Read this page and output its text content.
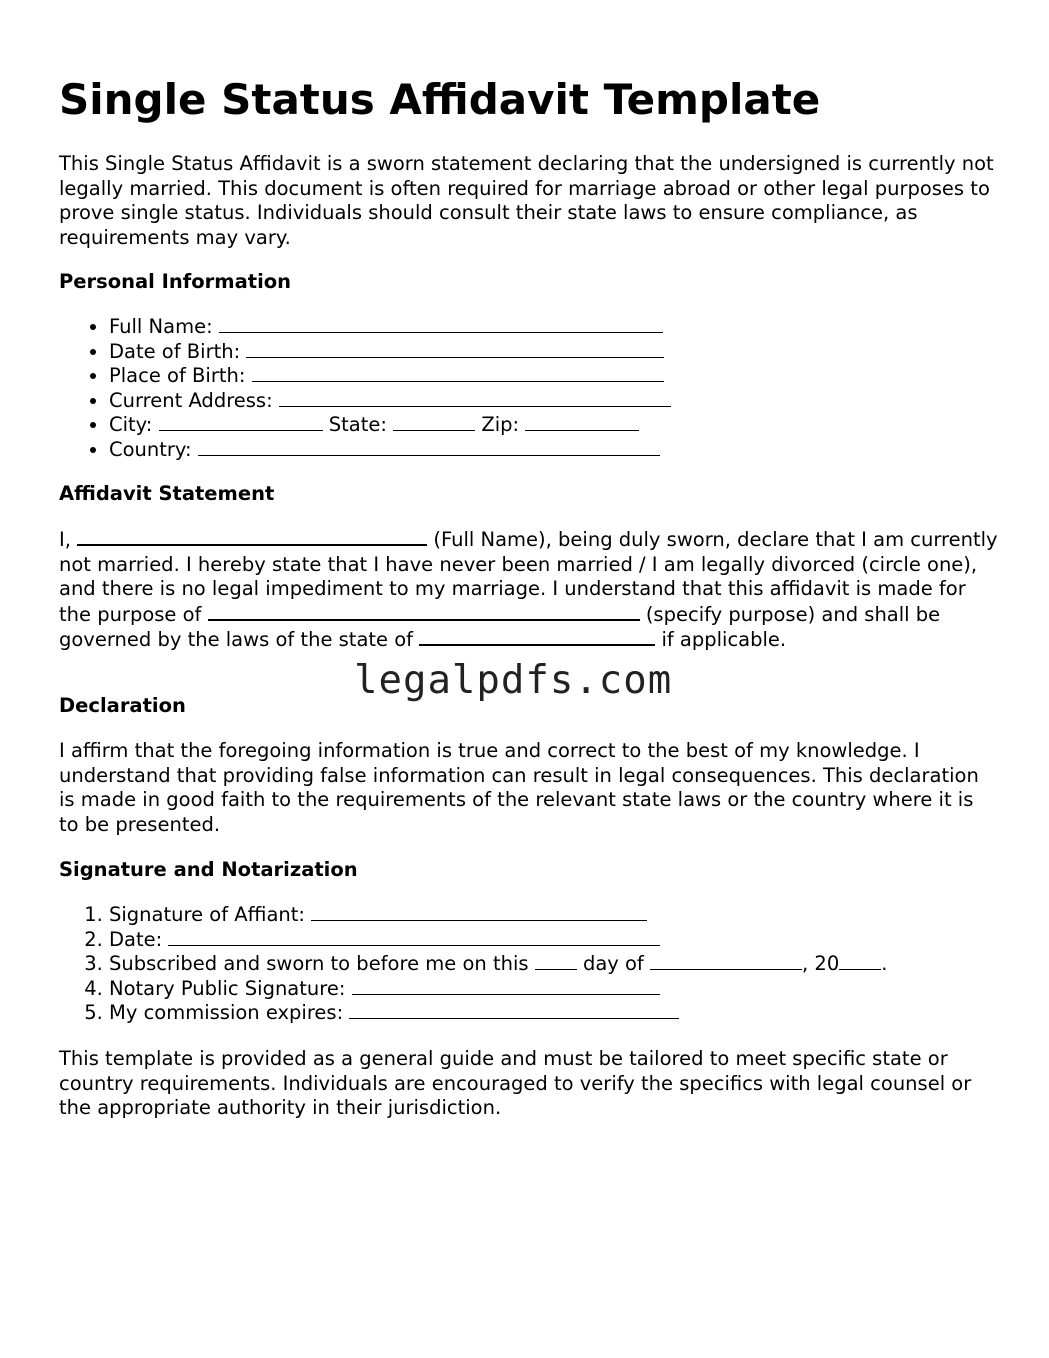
Single Status Affidavit Template

This Single Status Affidavit is a sworn statement declaring that the undersigned is currently not legally married. This document is often required for marriage abroad or other legal purposes to prove single status. Individuals should consult their state laws to ensure compliance, as requirements may vary.

Personal Information
• Full Name:
• Date of Birth:
• Place of Birth:
• Current Address:
• City:	State:	Zip:
• Country:
Affidavit Statement

I,	(Full Name), being duly sworn, declare that I am currently not married. I hereby state that I have never been married / I am legally divorced (circle one), and there is no legal impediment to my marriage. I understand that this affidavit is made for the purpose of	(specify purpose) and shall be governed by the laws of the state of	if applicable.

Declaration

I affirm that the foregoing information is true and correct to the best of my knowledge. I understand that providing false information can result in legal consequences. This declaration is made in good faith to the requirements of the relevant state laws or the country where it is to be presented.

Signature and Notarization
1. Signature of Affiant:
2. Date:
3. Subscribed and sworn to before me on this	day of	, 20 .
4. Notary Public Signature:
5. My commission expires:

This template is provided as a general guide and must be tailored to meet specific state or country requirements. Individuals are encouraged to verify the specifics with legal counsel or the appropriate authority in their jurisdiction.

legalpdfs.com
